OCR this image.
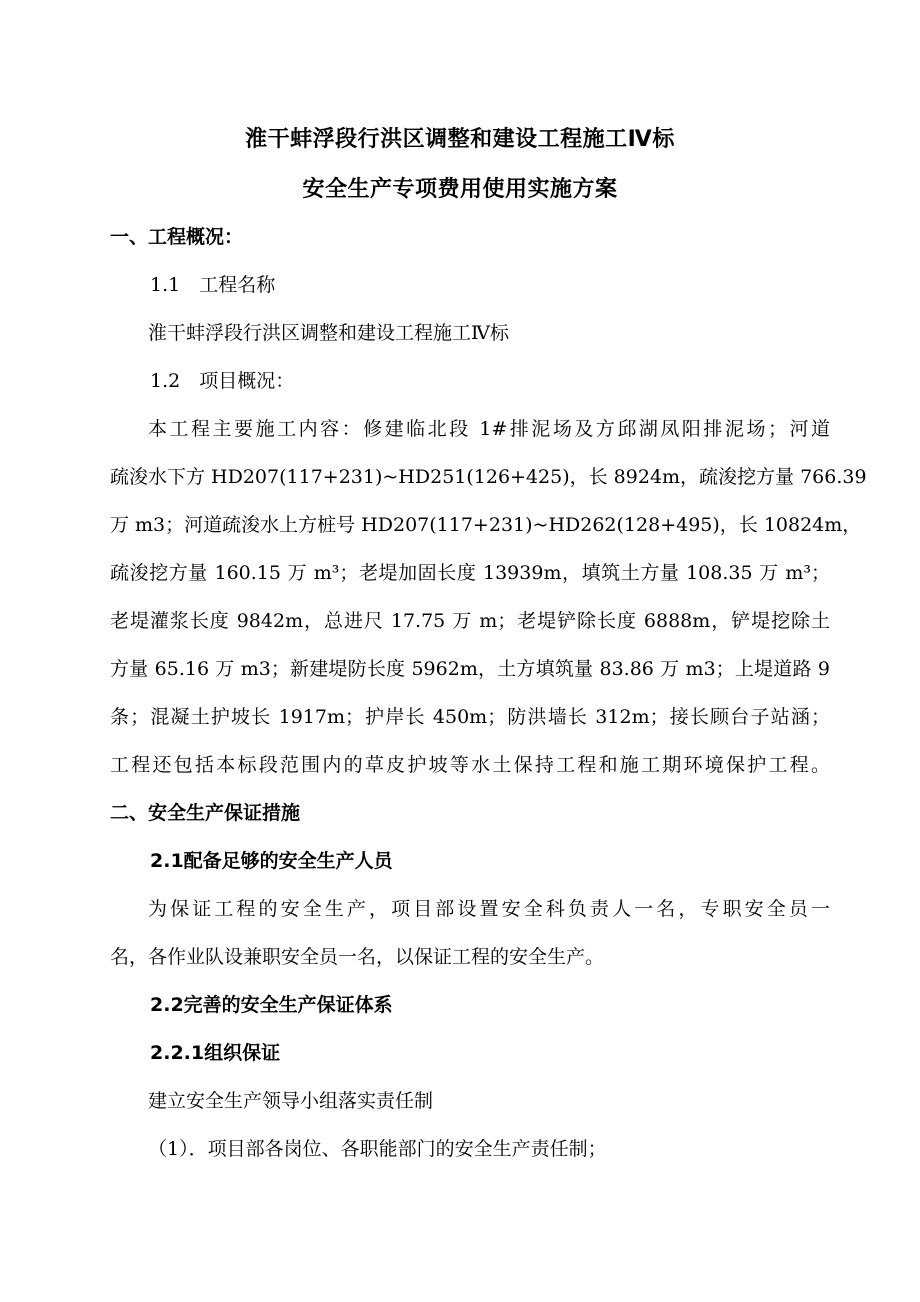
淮干蚌浮段行洪区调整和建设工程施工Ⅳ标
安全生产专项费用使用实施方案
一、工程概况：
1.1　工程名称
淮干蚌浮段行洪区调整和建设工程施工Ⅳ标
1.2　项目概况：
本工程主要施工内容：修建临北段 1#排泥场及方邱湖凤阳排泥场；河道
疏浚水下方 HD207(117+231)~HD251(126+425)，长 8924m，疏浚挖方量 766.39
万 m3；河道疏浚水上方桩号 HD207(117+231)~HD262(128+495)，长 10824m，
疏浚挖方量 160.15 万 m³；老堤加固长度 13939m，填筑土方量 108.35 万 m³；
老堤灌浆长度 9842m，总进尺 17.75 万 m；老堤铲除长度 6888m，铲堤挖除土
方量 65.16 万 m3；新建堤防长度 5962m，土方填筑量 83.86 万 m3；上堤道路 9
条；混凝土护坡长 1917m；护岸长 450m；防洪墙长 312m；接长顾台子站涵；
工程还包括本标段范围内的草皮护坡等水土保持工程和施工期环境保护工程。
二、安全生产保证措施
2.1配备足够的安全生产人员
为保证工程的安全生产，项目部设置安全科负责人一名，专职安全员一
名，各作业队设兼职安全员一名，以保证工程的安全生产。
2.2完善的安全生产保证体系
2.2.1组织保证
建立安全生产领导小组落实责任制
（1）．项目部各岗位、各职能部门的安全生产责任制；
